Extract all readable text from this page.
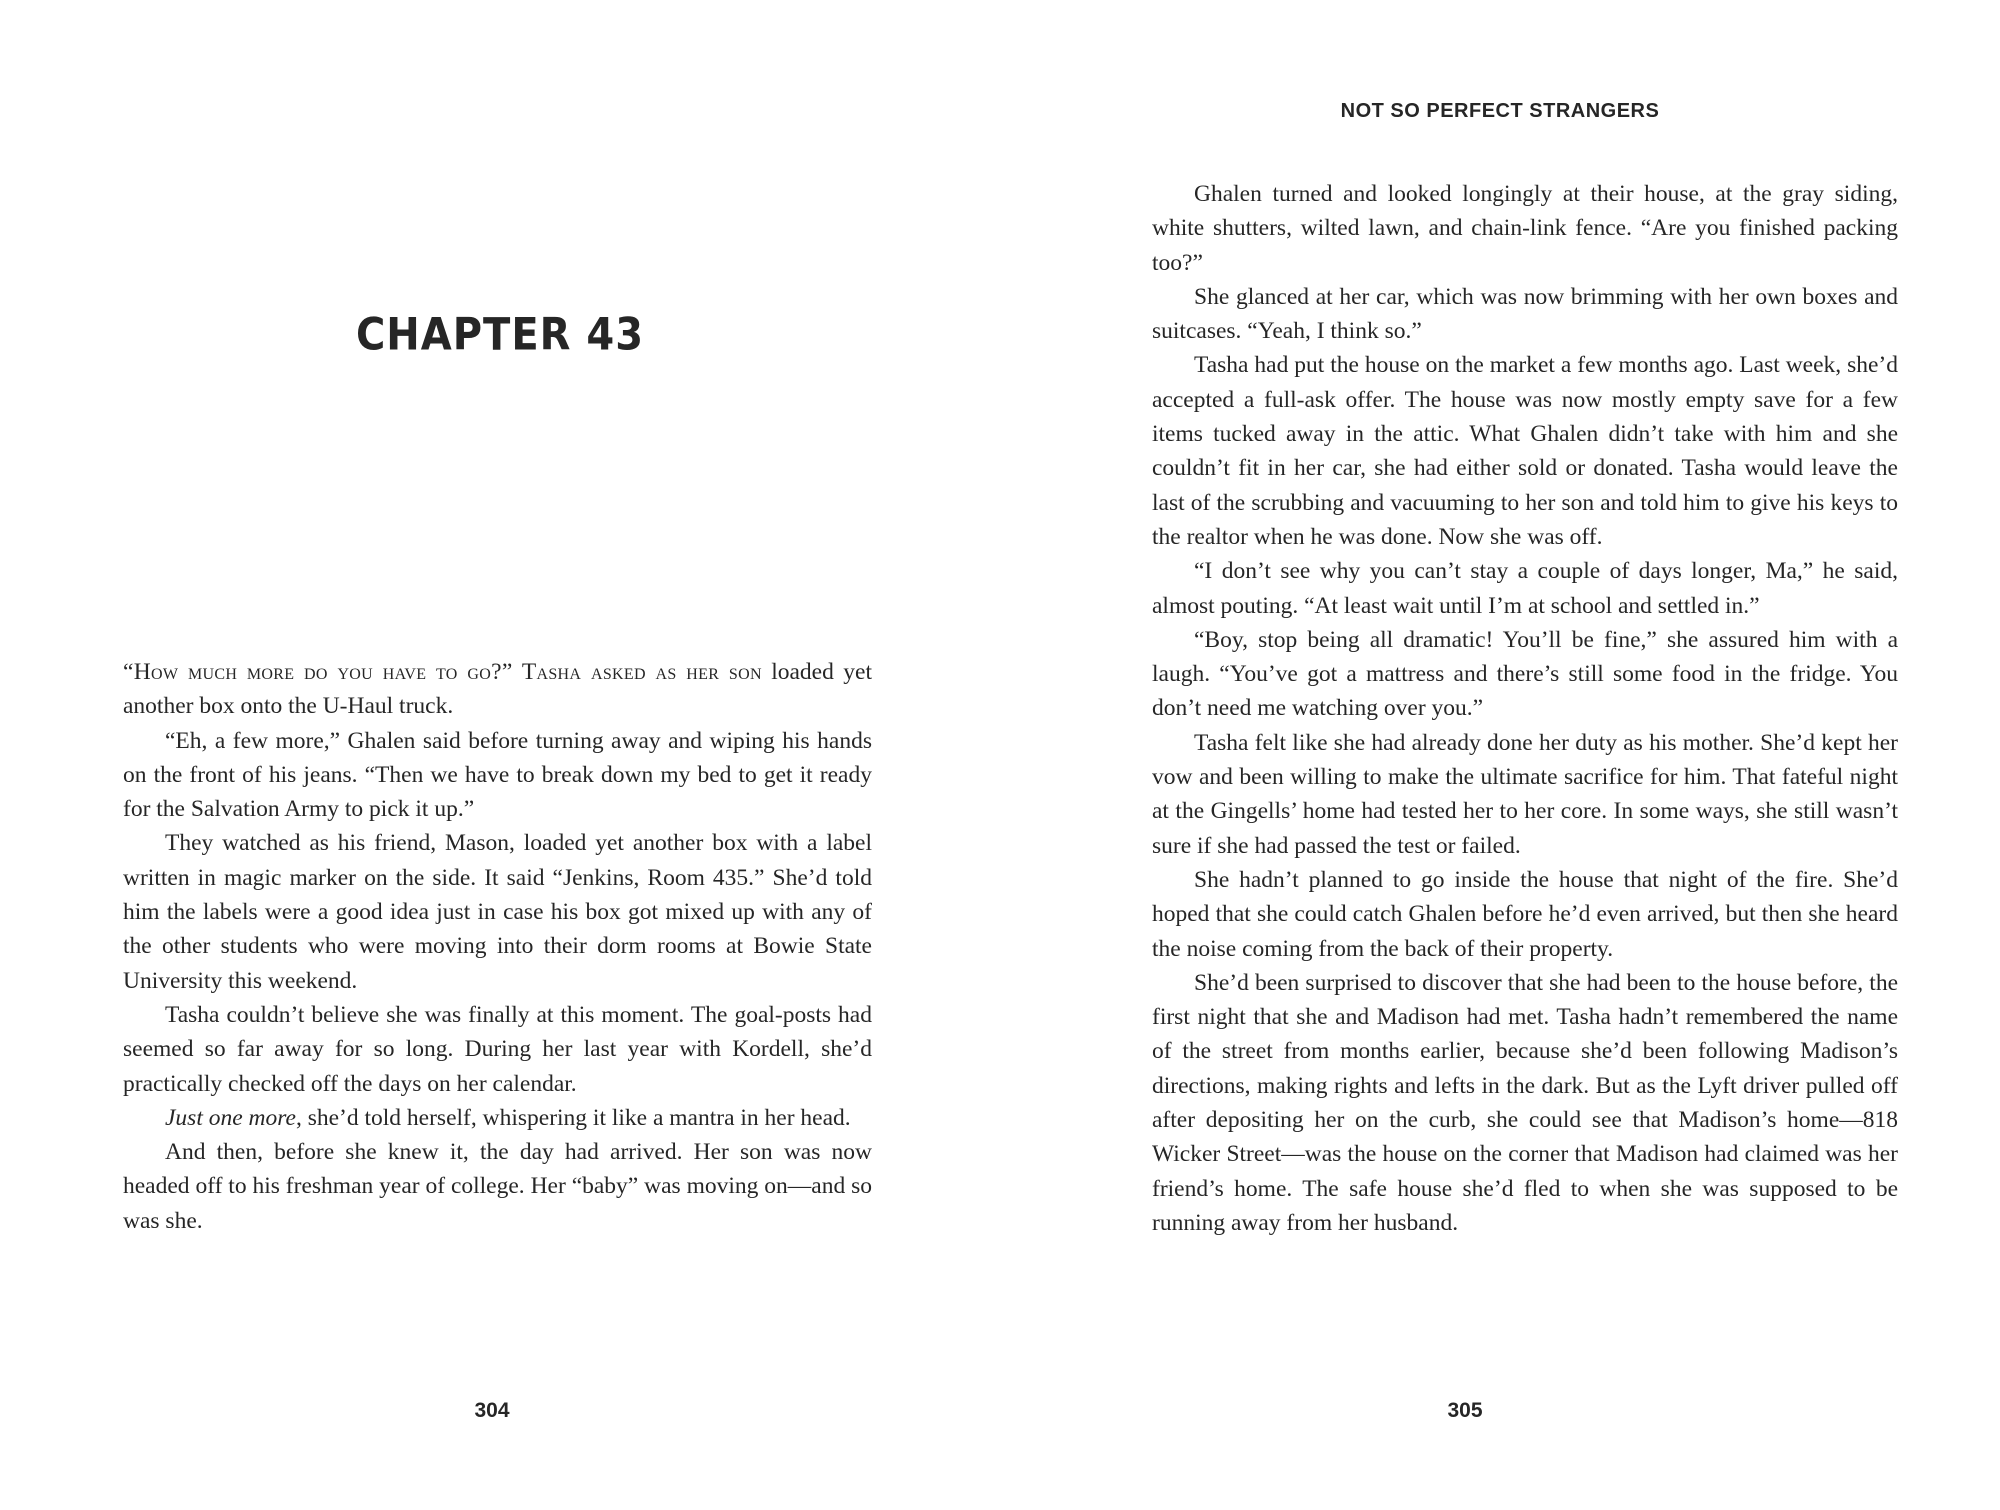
CHAPTER 43

“How much more do you have to go?” Tasha asked as her son loaded yet another box onto the U-Haul truck.

“Eh, a few more,” Ghalen said before turning away and wiping his hands on the front of his jeans. “Then we have to break down my bed to get it ready for the Salvation Army to pick it up.”

They watched as his friend, Mason, loaded yet another box with a label written in magic marker on the side. It said “Jenkins, Room 435.” She’d told him the labels were a good idea just in case his box got mixed up with any of the other students who were moving into their dorm rooms at Bowie State University this weekend.

Tasha couldn’t believe she was finally at this moment. The goal-posts had seemed so far away for so long. During her last year with Kordell, she’d practically checked off the days on her calendar.

Just one more, she’d told herself, whispering it like a mantra in her head.

And then, before she knew it, the day had arrived. Her son was now headed off to his freshman year of college. Her “baby” was moving on—and so was she.

304
NOT SO PERFECT STRANGERS

Ghalen turned and looked longingly at their house, at the gray siding, white shutters, wilted lawn, and chain-link fence. “Are you finished packing too?”

She glanced at her car, which was now brimming with her own boxes and suitcases. “Yeah, I think so.”

Tasha had put the house on the market a few months ago. Last week, she’d accepted a full-ask offer. The house was now mostly empty save for a few items tucked away in the attic. What Ghalen didn’t take with him and she couldn’t fit in her car, she had either sold or donated. Tasha would leave the last of the scrubbing and vacuuming to her son and told him to give his keys to the realtor when he was done. Now she was off.

“I don’t see why you can’t stay a couple of days longer, Ma,” he said, almost pouting. “At least wait until I’m at school and settled in.”

“Boy, stop being all dramatic! You’ll be fine,” she assured him with a laugh. “You’ve got a mattress and there’s still some food in the fridge. You don’t need me watching over you.”

Tasha felt like she had already done her duty as his mother. She’d kept her vow and been willing to make the ultimate sacrifice for him. That fateful night at the Gingells’ home had tested her to her core. In some ways, she still wasn’t sure if she had passed the test or failed.

She hadn’t planned to go inside the house that night of the fire. She’d hoped that she could catch Ghalen before he’d even arrived, but then she heard the noise coming from the back of their property.

She’d been surprised to discover that she had been to the house before, the first night that she and Madison had met. Tasha hadn’t remembered the name of the street from months earlier, because she’d been following Madison’s directions, making rights and lefts in the dark. But as the Lyft driver pulled off after depositing her on the curb, she could see that Madison’s home—818 Wicker Street—was the house on the corner that Madison had claimed was her friend’s home. The safe house she’d fled to when she was supposed to be running away from her husband.

305
